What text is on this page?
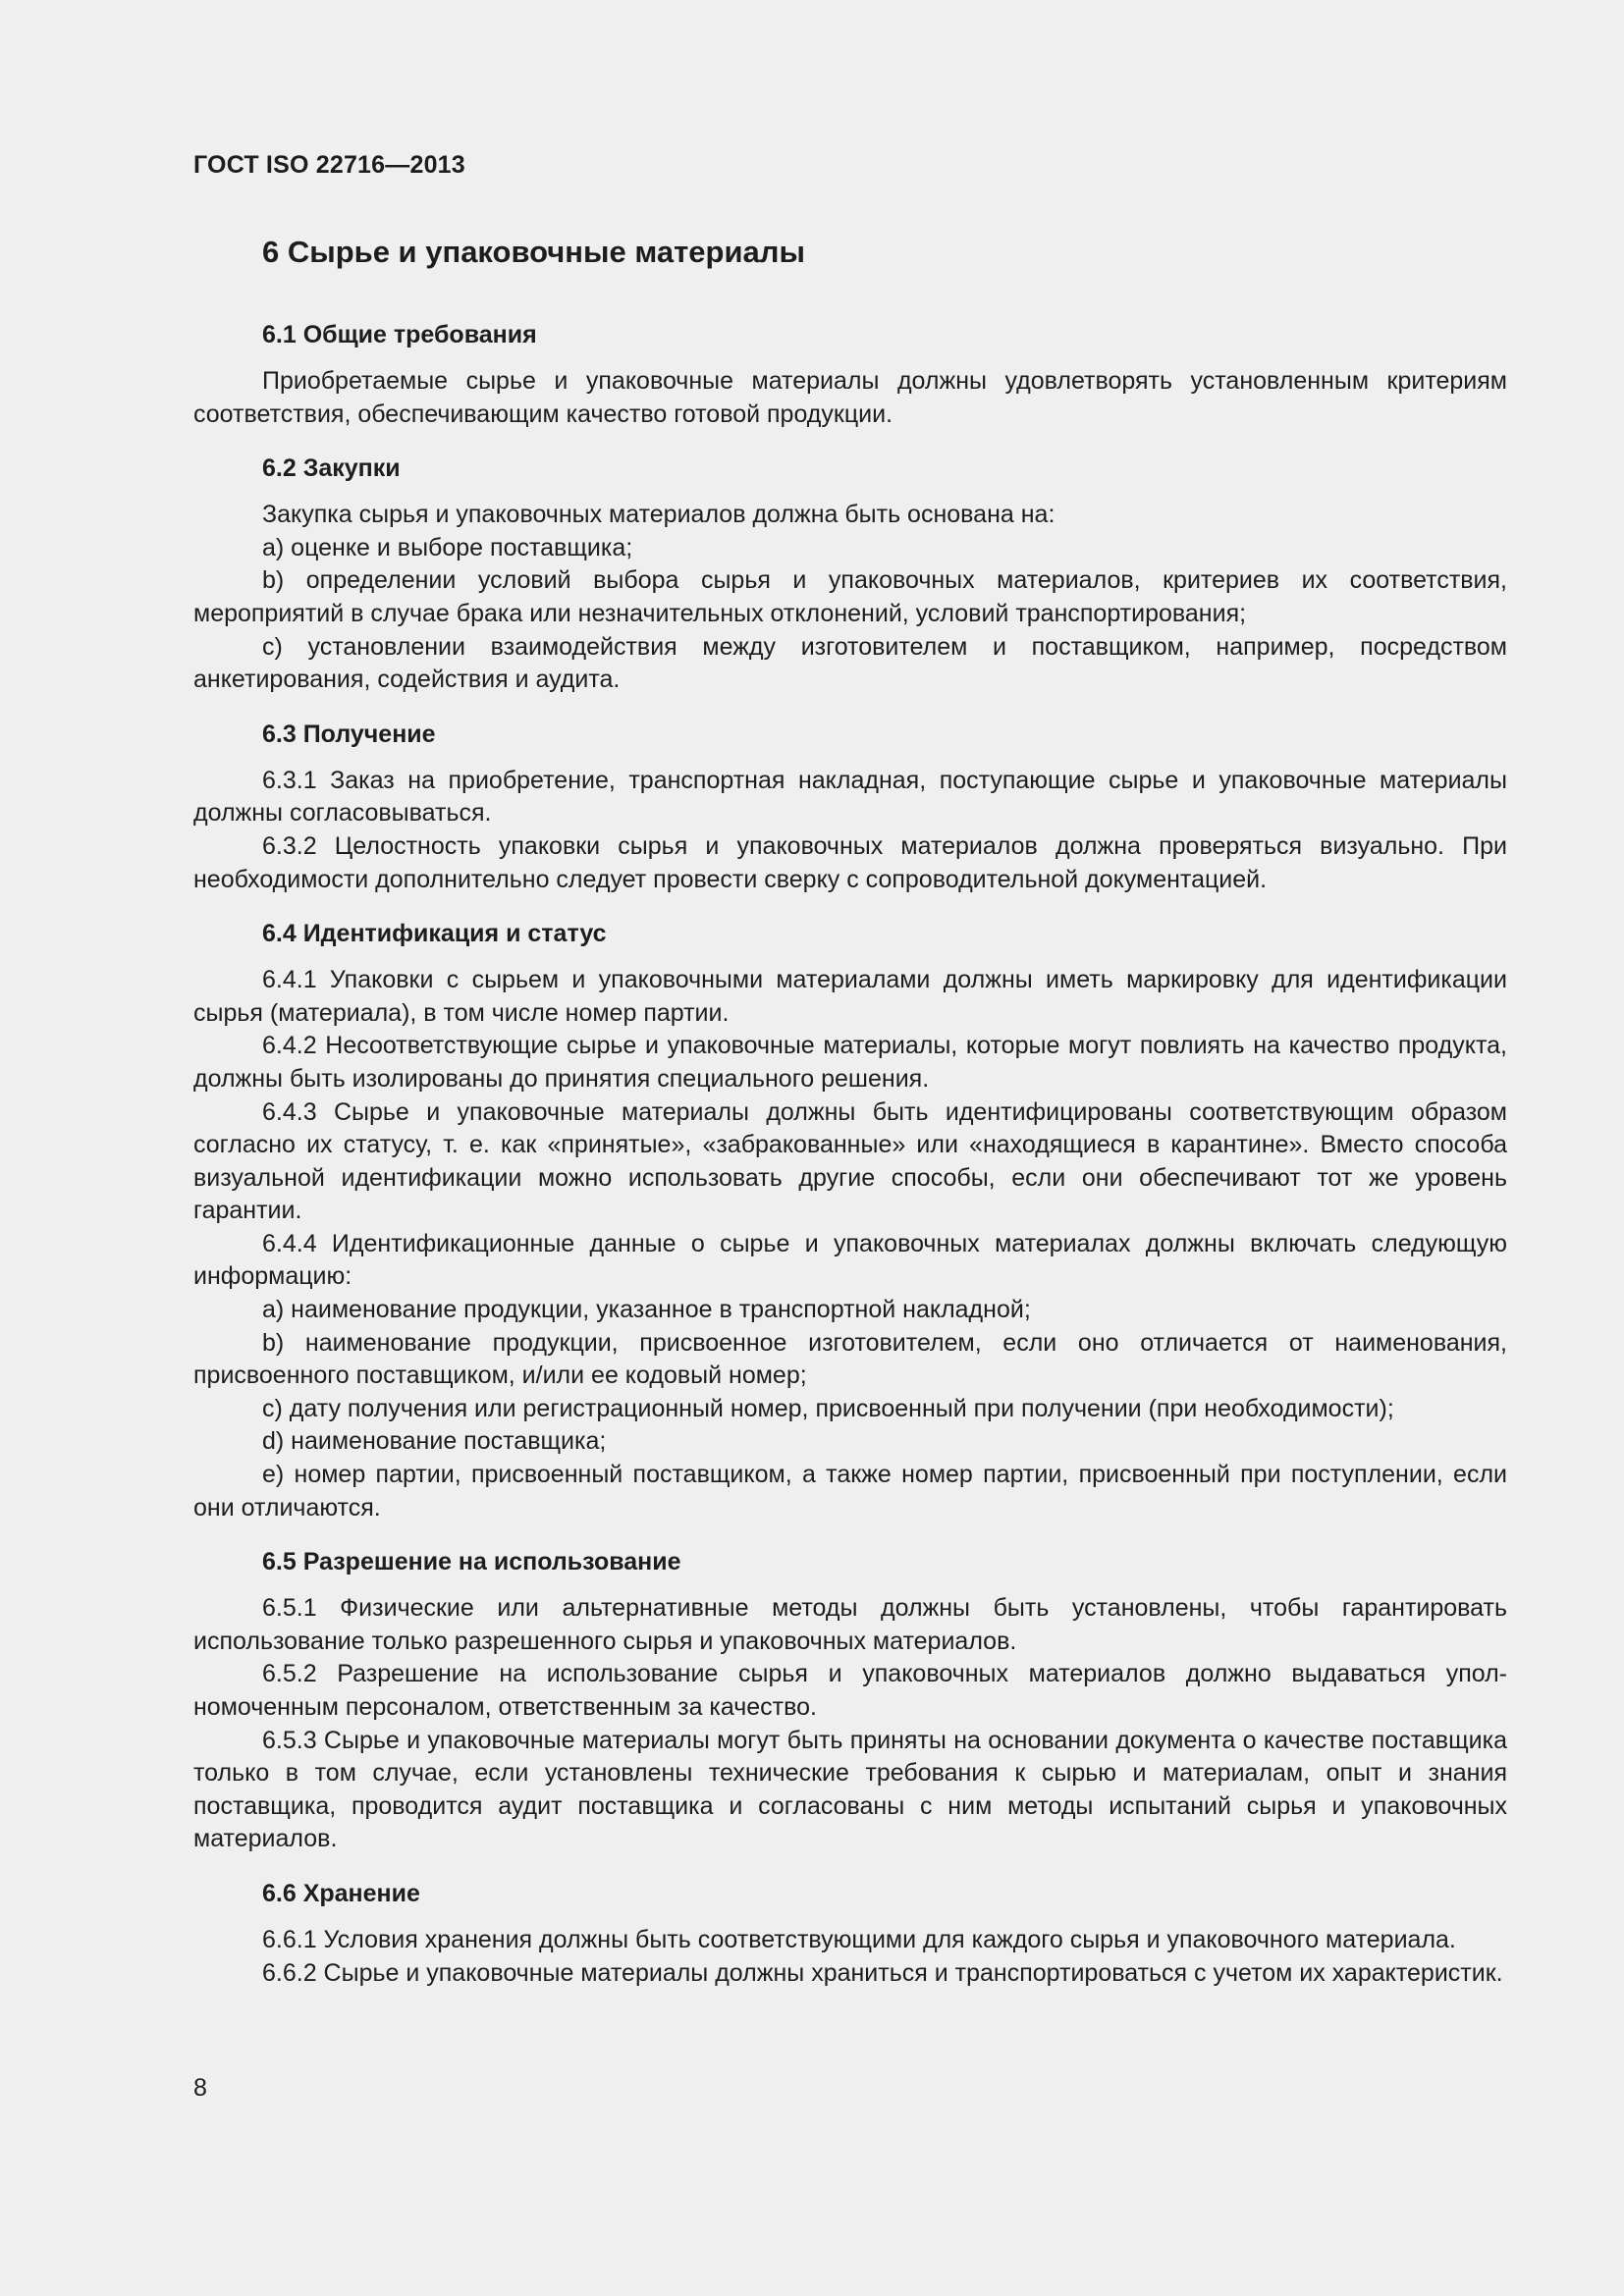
ГОСТ ISO 22716—2013
6 Сырье и упаковочные материалы
6.1 Общие требования

Приобретаемые сырье и упаковочные материалы должны удовлетворять установленным критериям соответствия, обеспечивающим качество готовой продукции.

6.2 Закупки

Закупка сырья и упаковочных материалов должна быть основана на:

a) оценке и выборе поставщика;

b) определении условий выбора сырья и упаковочных материалов, критериев их соответствия, мероприятий в случае брака или незначительных отклонений, условий транспортирования;

c) установлении взаимодействия между изготовителем и поставщиком, например, посредством анкетирования, содействия и аудита.

6.3 Получение

6.3.1 Заказ на приобретение, транспортная накладная, поступающие сырье и упаковочные материалы должны согласовываться.

6.3.2 Целостность упаковки сырья и упаковочных материалов должна проверяться визуально. При необходимости дополнительно следует провести сверку с сопроводительной документацией.

6.4 Идентификация и статус

6.4.1 Упаковки с сырьем и упаковочными материалами должны иметь маркировку для идентификации сырья (материала), в том числе номер партии.

6.4.2 Несоответствующие сырье и упаковочные материалы, которые могут повлиять на качество продукта, должны быть изолированы до принятия специального решения.

6.4.3 Сырье и упаковочные материалы должны быть идентифицированы соответствующим образом согласно их статусу, т. е. как «принятые», «забракованные» или «находящиеся в карантине». Вместо способа визуальной идентификации можно использовать другие способы, если они обеспечивают тот же уровень гарантии.

6.4.4 Идентификационные данные о сырье и упаковочных материалах должны включать следующую информацию:

a) наименование продукции, указанное в транспортной накладной;

b) наименование продукции, присвоенное изготовителем, если оно отличается от наименования, присвоенного поставщиком, и/или ее кодовый номер;

c) дату получения или регистрационный номер, присвоенный при получении (при необходимости);

d) наименование поставщика;

e) номер партии, присвоенный поставщиком, а также номер партии, присвоенный при поступлении, если они отличаются.

6.5 Разрешение на использование

6.5.1 Физические или альтернативные методы должны быть установлены, чтобы гарантировать использование только разрешенного сырья и упаковочных материалов.

6.5.2 Разрешение на использование сырья и упаковочных материалов должно выдаваться уполномоченным персоналом, ответственным за качество.

6.5.3 Сырье и упаковочные материалы могут быть приняты на основании документа о качестве поставщика только в том случае, если установлены технические требования к сырью и материалам, опыт и знания поставщика, проводится аудит поставщика и согласованы с ним методы испытаний сырья и упаковочных материалов.

6.6 Хранение

6.6.1 Условия хранения должны быть соответствующими для каждого сырья и упаковочного материала.

6.6.2 Сырье и упаковочные материалы должны храниться и транспортироваться с учетом их характеристик.

8
